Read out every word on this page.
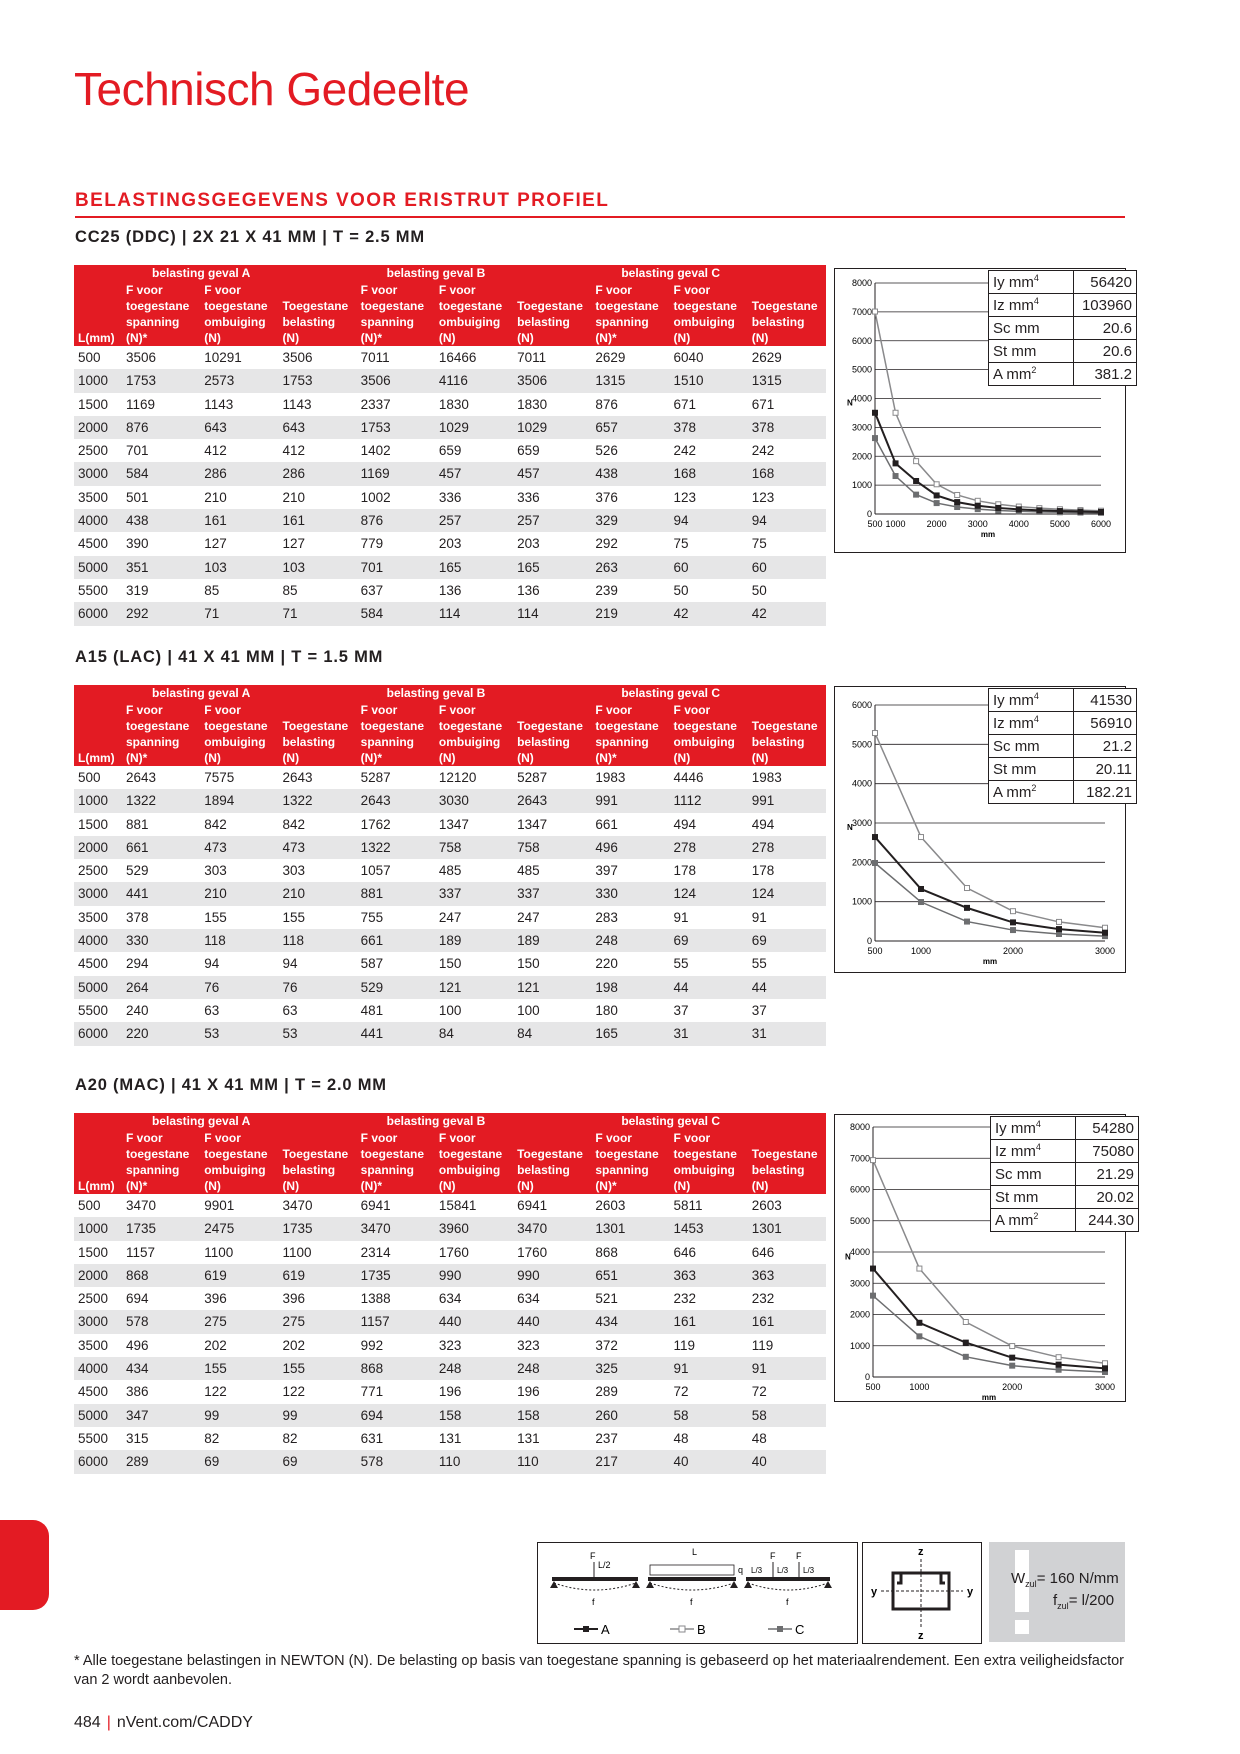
Technisch Gedeelte
BELASTINGSGEGEVENS VOOR ERISTRUT PROFIEL
CC25 (DDC) | 2X 21 X 41 MM | T = 2.5 MM
	belasting geval A			belasting geval B			belasting geval C		
	F voor	F voor		F voor	F voor		F voor	F voor	
	toegestane	toegestane	Toegestane	toegestane	toegestane	Toegestane	toegestane	toegestane	Toegestane
	spanning	ombuiging	belasting	spanning	ombuiging	belasting	spanning	ombuiging	belasting
L(mm)	(N)*	(N)	(N)	(N)*	(N)	(N)	(N)*	(N)	(N)
500	3506	10291	3506	7011	16466	7011	2629	6040	2629
1000	1753	2573	1753	3506	4116	3506	1315	1510	1315
1500	1169	1143	1143	2337	1830	1830	876	671	671
2000	876	643	643	1753	1029	1029	657	378	378
2500	701	412	412	1402	659	659	526	242	242
3000	584	286	286	1169	457	457	438	168	168
3500	501	210	210	1002	336	336	376	123	123
4000	438	161	161	876	257	257	329	94	94
4500	390	127	127	779	203	203	292	75	75
5000	351	103	103	701	165	165	263	60	60
5500	319	85	85	637	136	136	239	50	50
6000	292	71	71	584	114	114	219	42	42
0
1000
2000
3000
4000
5000
6000
7000
8000
500 1000 2000 3000 4000 5000 6000
N
mm
Iy $mm^4$	56420
Iz $mm^4$	103960
Sc mm	20.6
St mm	20.6
A $mm^2$	381.2
A15 (LAC) | 41 X 41 MM | T = 1.5 MM
	belasting geval A			belasting geval B			belasting geval C		
	F voor	F voor		F voor	F voor		F voor	F voor	
	toegestane	toegestane	Toegestane	toegestane	toegestane	Toegestane	toegestane	toegestane	Toegestane
	spanning	ombuiging	belasting	spanning	ombuiging	belasting	spanning	ombuiging	belasting
L(mm)	(N)*	(N)	(N)	(N)*	(N)	(N)	(N)*	(N)	(N)
500	2643	7575	2643	5287	12120	5287	1983	4446	1983
1000	1322	1894	1322	2643	3030	2643	991	1112	991
1500	881	842	842	1762	1347	1347	661	494	494
2000	661	473	473	1322	758	758	496	278	278
2500	529	303	303	1057	485	485	397	178	178
3000	441	210	210	881	337	337	330	124	124
3500	378	155	155	755	247	247	283	91	91
4000	330	118	118	661	189	189	248	69	69
4500	294	94	94	587	150	150	220	55	55
5000	264	76	76	529	121	121	198	44	44
5500	240	63	63	481	100	100	180	37	37
6000	220	53	53	441	84	84	165	31	31
0
1000
2000
3000
4000
5000
6000
500	1000	2000	3000
N
mm
Iy $mm^4$	41530
Iz $mm^4$	56910
Sc mm	21.2
St mm	20.11
A $mm^2$	182.21
A20 (MAC) | 41 X 41 MM | T = 2.0 MM
	belasting geval A			belasting geval B			belasting geval C		
	F voor	F voor		F voor	F voor		F voor	F voor	
	toegestane	toegestane	Toegestane	toegestane	toegestane	Toegestane	toegestane	toegestane	Toegestane
	spanning	ombuiging	belasting	spanning	ombuiging	belasting	spanning	ombuiging	belasting
L(mm)	(N)*	(N)	(N)	(N)*	(N)	(N)	(N)*	(N)	(N)
500	3470	9901	3470	6941	15841	6941	2603	5811	2603
1000	1735	2475	1735	3470	3960	3470	1301	1453	1301
1500	1157	1100	1100	2314	1760	1760	868	646	646
2000	868	619	619	1735	990	990	651	363	363
2500	694	396	396	1388	634	634	521	232	232
3000	578	275	275	1157	440	440	434	161	161
3500	496	202	202	992	323	323	372	119	119
4000	434	155	155	868	248	248	325	91	91
4500	386	122	122	771	196	196	289	72	72
5000	347	99	99	694	158	158	260	58	58
5500	315	82	82	631	131	131	237	48	48
6000	289	69	69	578	110	110	217	40	40
0
1000
2000
3000
4000
5000
6000
7000
8000
500	1000	2000	3000
N
mm
Iy $mm^4$	54280
Iz $mm^4$	75080
Sc mm	21.29
St mm	20.02
A $mm^2$	244.30
F
L/2
f
L
q
f
F F
L/3 L/3 L/3
f
A	B	C
z
y	y
z
$W_{zul}= 160$ N/mm
$f_{zul}= l/200$
* Alle toegestane belastingen in NEWTON (N). De belasting op basis van toegestane spanning is gebaseerd op het materiaalrendement. Een extra veiligheidsfactor van 2 wordt aanbevolen.
484 | nVent.com/CADDY
